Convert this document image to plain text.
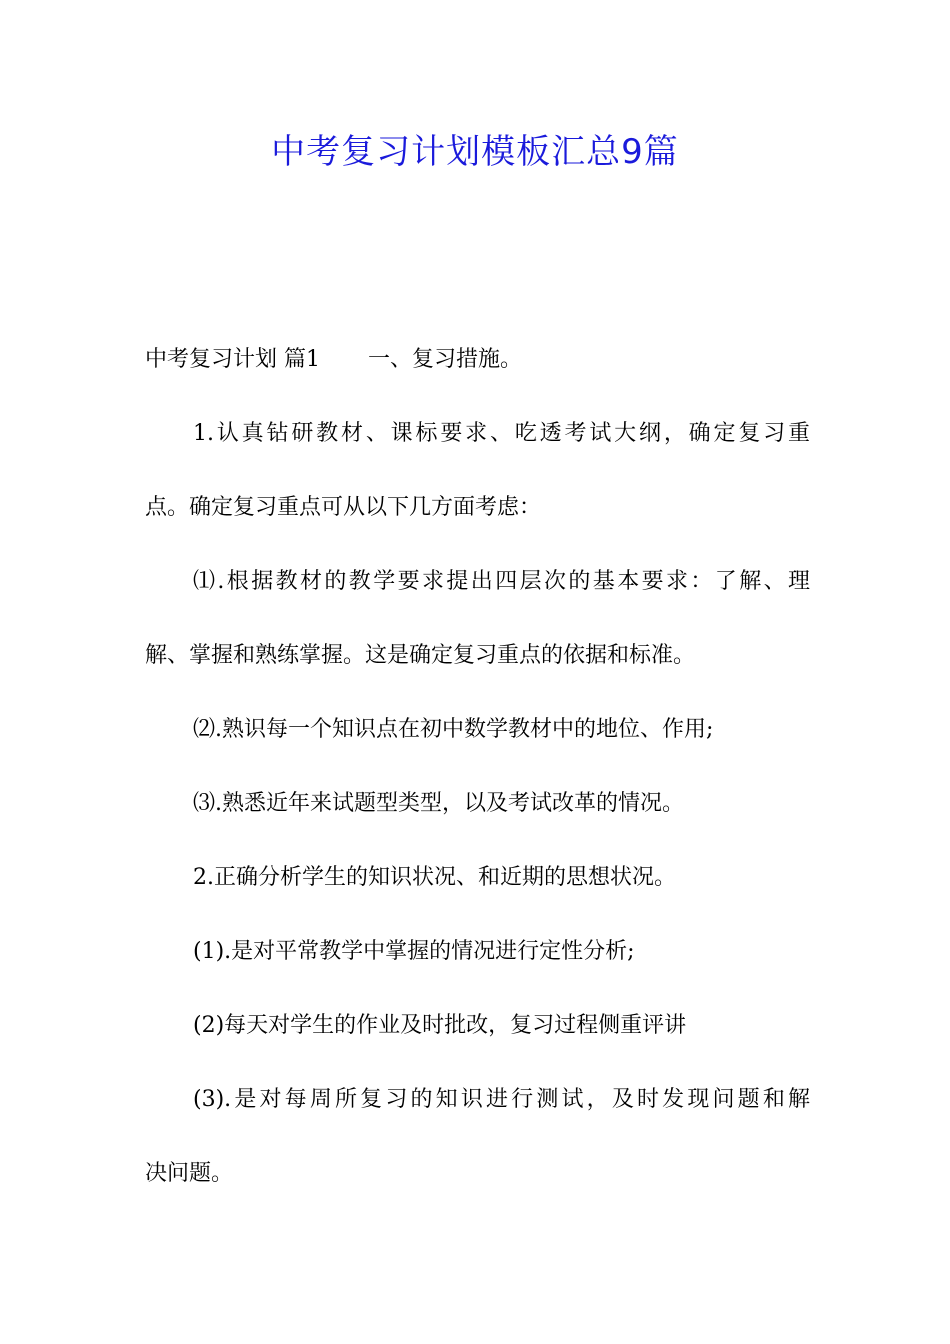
中考复习计划模板汇总9篇
中考复习计划 篇1 一、复习措施。
1.认真钻研教材、课标要求、吃透考试大纲，确定复习重
点。确定复习重点可从以下几方面考虑：
⑴.根据教材的教学要求提出四层次的基本要求：了解、理
解、掌握和熟练掌握。这是确定复习重点的依据和标准。
⑵.熟识每一个知识点在初中数学教材中的地位、作用;
⑶.熟悉近年来试题型类型，以及考试改革的情况。
2.正确分析学生的知识状况、和近期的思想状况。
(1).是对平常教学中掌握的情况进行定性分析;
(2)每天对学生的作业及时批改，复习过程侧重评讲
(3).是对每周所复习的知识进行测试，及时发现问题和解
决问题。
